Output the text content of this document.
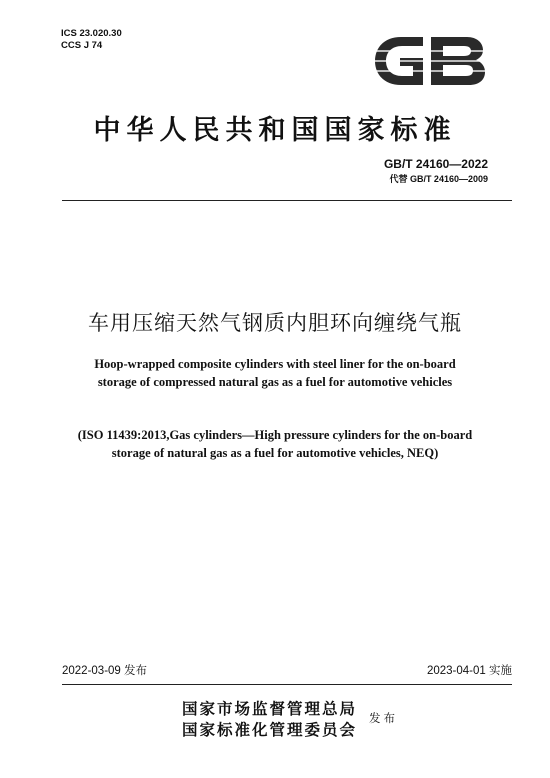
ICS 23.020.30
CCS J 74
中华人民共和国国家标准
GB/T 24160—2022
代替 GB/T 24160—2009
车用压缩天然气钢质内胆环向缠绕气瓶
Hoop-wrapped composite cylinders with steel liner for the on-board
storage of compressed natural gas as a fuel for automotive vehicles
(ISO 11439:2013,Gas cylinders—High pressure cylinders for the on-board
storage of natural gas as a fuel for automotive vehicles, NEQ)
2022-03-09 发布	2023-04-01 实施
国家市场监督管理总局
国家标准化管理委员会
发布
